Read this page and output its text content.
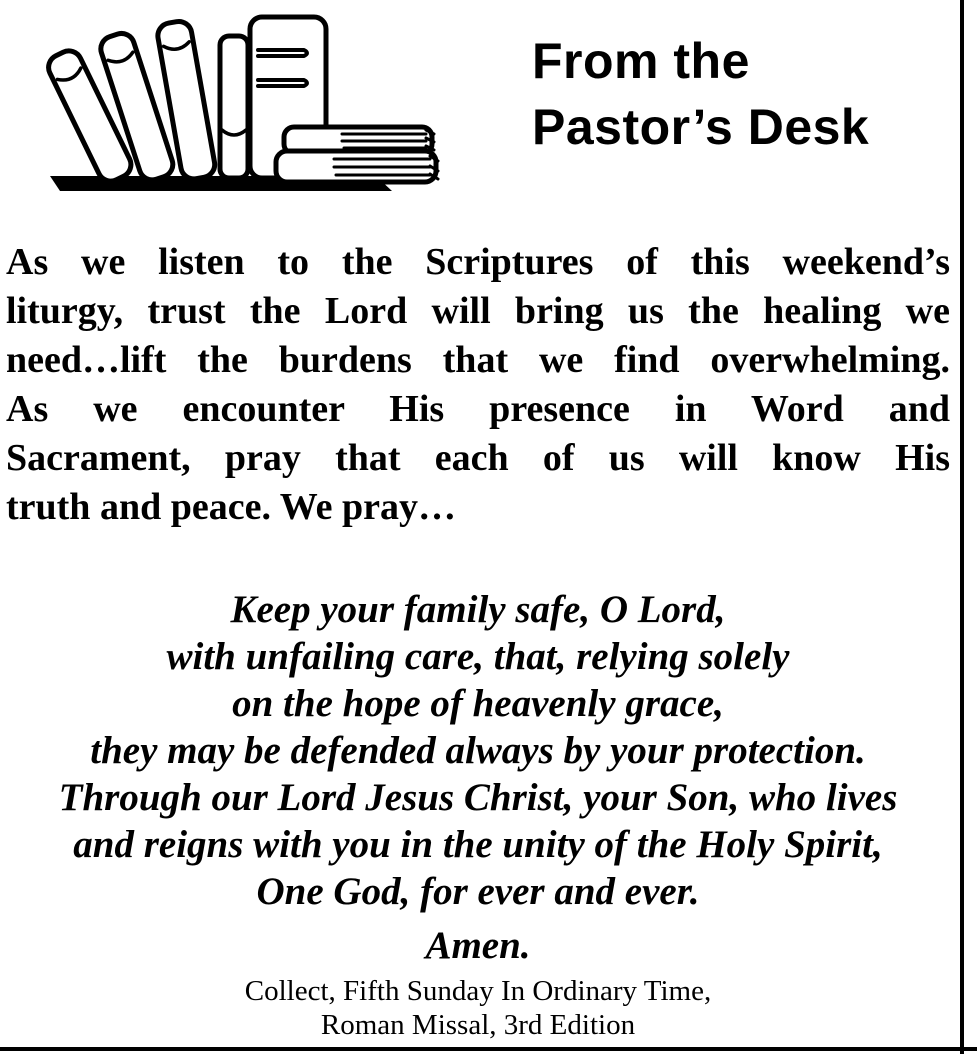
From the
Pastor’s Desk
As we listen to the Scriptures of this weekend’s
liturgy, trust the Lord will bring us the healing we
need…lift the burdens that we find overwhelming.
As we encounter His presence in Word and
Sacrament, pray that each of us will know His
truth and peace. We pray…
Keep your family safe, O Lord,
with unfailing care, that, relying solely
on the hope of heavenly grace,
they may be defended always by your protection.
Through our Lord Jesus Christ, your Son, who lives
and reigns with you in the unity of the Holy Spirit,
One God, for ever and ever.
Amen.
Collect, Fifth Sunday In Ordinary Time,
Roman Missal, 3rd Edition
